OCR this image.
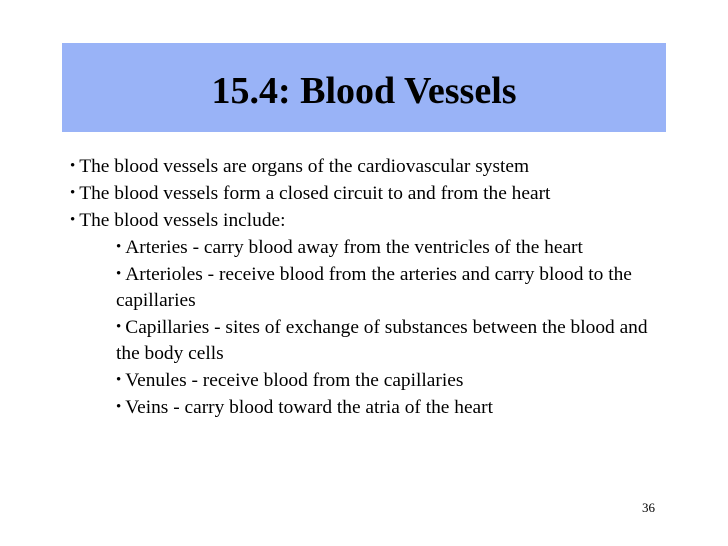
15.4: Blood Vessels
• The blood vessels are organs of the cardiovascular system
• The blood vessels form a closed circuit to and from the heart
• The blood vessels include:
• Arteries - carry blood away from the ventricles of the heart
• Arterioles - receive blood from the arteries and carry blood to the capillaries
• Capillaries - sites of exchange of substances between the blood and the body cells
• Venules - receive blood from the capillaries
• Veins - carry blood toward the atria of the heart
36
